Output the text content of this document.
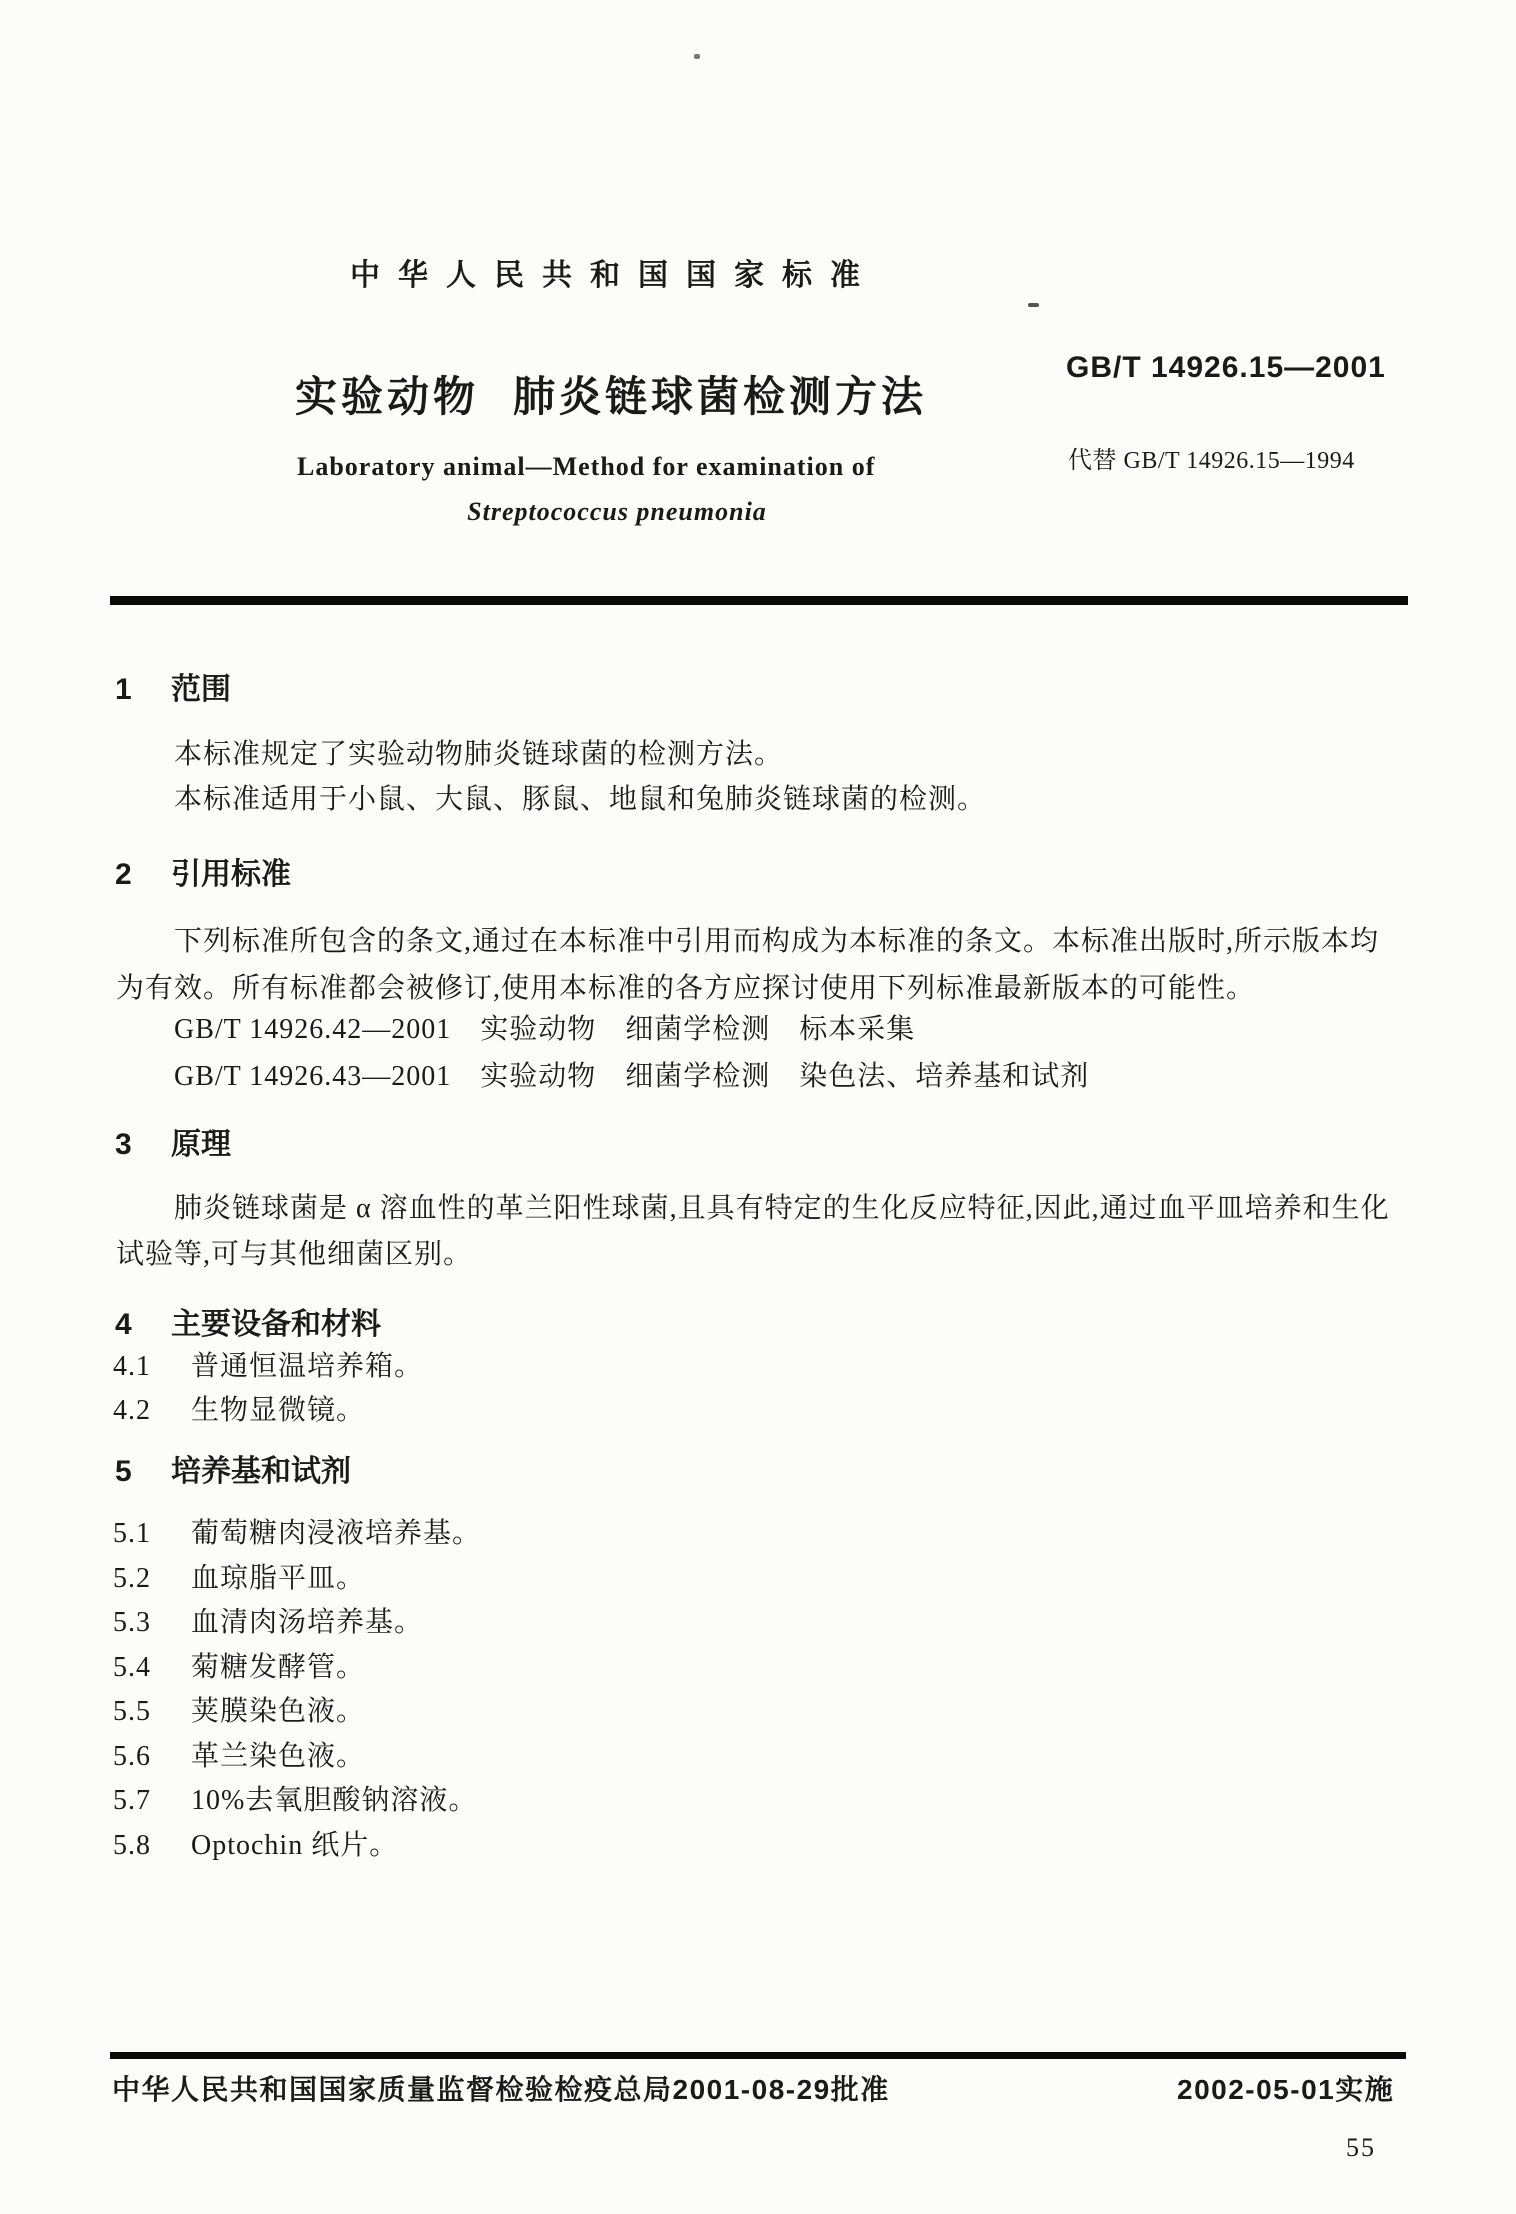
中华人民共和国国家标准
实验动物 肺炎链球菌检测方法
GB/T 14926.15—2001
代替 GB/T 14926.15—1994
Laboratory animal—Method for examination of
Streptococcus pneumonia
1 范围
本标准规定了实验动物肺炎链球菌的检测方法。
本标准适用于小鼠、大鼠、豚鼠、地鼠和兔肺炎链球菌的检测。
2 引用标准
下列标准所包含的条文,通过在本标准中引用而构成为本标准的条文。本标准出版时,所示版本均为有效。所有标准都会被修订,使用本标准的各方应探讨使用下列标准最新版本的可能性。
GB/T 14926.42—2001　实验动物　细菌学检测　标本采集
GB/T 14926.43—2001　实验动物　细菌学检测　染色法、培养基和试剂
3 原理
肺炎链球菌是 α 溶血性的革兰阳性球菌,且具有特定的生化反应特征,因此,通过血平皿培养和生化试验等,可与其他细菌区别。
4 主要设备和材料
4.1 普通恒温培养箱。
4.2 生物显微镜。
5 培养基和试剂
5.1 葡萄糖肉浸液培养基。
5.2 血琼脂平皿。
5.3 血清肉汤培养基。
5.4 菊糖发酵管。
5.5 荚膜染色液。
5.6 革兰染色液。
5.7 10%去氧胆酸钠溶液。
5.8 Optochin 纸片。
中华人民共和国国家质量监督检验检疫总局2001-08-29批准	2002-05-01实施
55
